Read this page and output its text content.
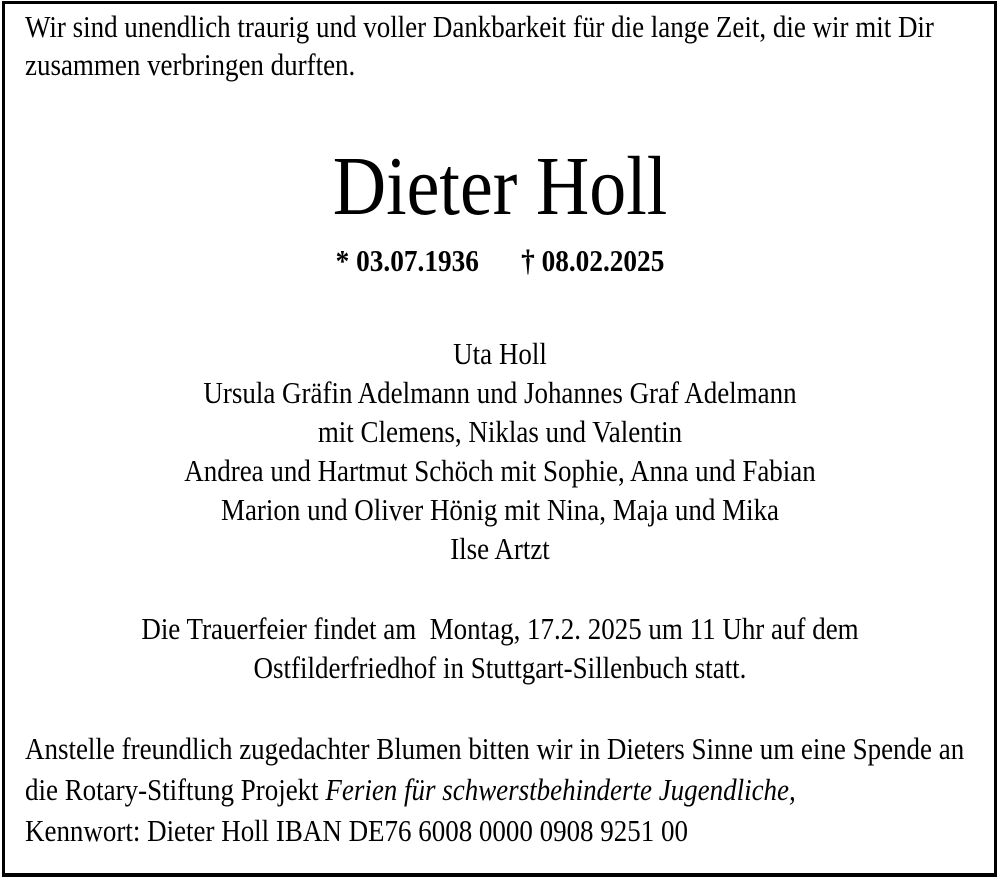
Wir sind unendlich traurig und voller Dankbarkeit für die lange Zeit, die wir mit Dir
zusammen verbringen durften.
Dieter Holl
* 03.07.1936 † 08.02.2025
Uta Holl
Ursula Gräfin Adelmann und Johannes Graf Adelmann
mit Clemens, Niklas und Valentin
Andrea und Hartmut Schöch mit Sophie, Anna und Fabian
Marion und Oliver Hönig mit Nina, Maja und Mika
Ilse Artzt
Die Trauerfeier findet am  Montag, 17.2. 2025 um 11 Uhr auf dem
Ostfilderfriedhof in Stuttgart-Sillenbuch statt.
Anstelle freundlich zugedachter Blumen bitten wir in Dieters Sinne um eine Spende an
die Rotary-Stiftung Projekt Ferien für schwerstbehinderte Jugendliche,
Kennwort: Dieter Holl IBAN DE76 6008 0000 0908 9251 00
